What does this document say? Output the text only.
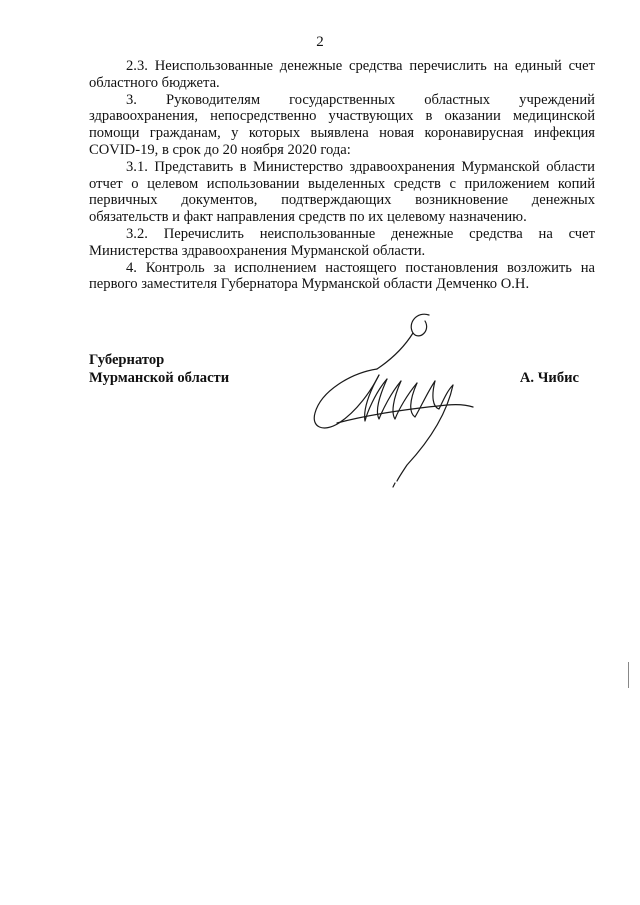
2

2.3. Неиспользованные денежные средства перечислить на единый счет областного бюджета.

3. Руководителям государственных областных учреждений здравоохранения, непосредственно участвующих в оказании медицинской помощи гражданам, у которых выявлена новая коронавирусная инфекция COVID-19, в срок до 20 ноября 2020 года:

3.1. Представить в Министерство здравоохранения Мурманской области отчет о целевом использовании выделенных средств с приложением копий первичных документов, подтверждающих возникновение денежных обязательств и факт направления средств по их целевому назначению.

3.2. Перечислить неиспользованные денежные средства на счет Министерства здравоохранения Мурманской области.

4. Контроль за исполнением настоящего постановления возложить на первого заместителя Губернатора Мурманской области Демченко О.Н.

Губернатор
Мурманской области	А. Чибис
